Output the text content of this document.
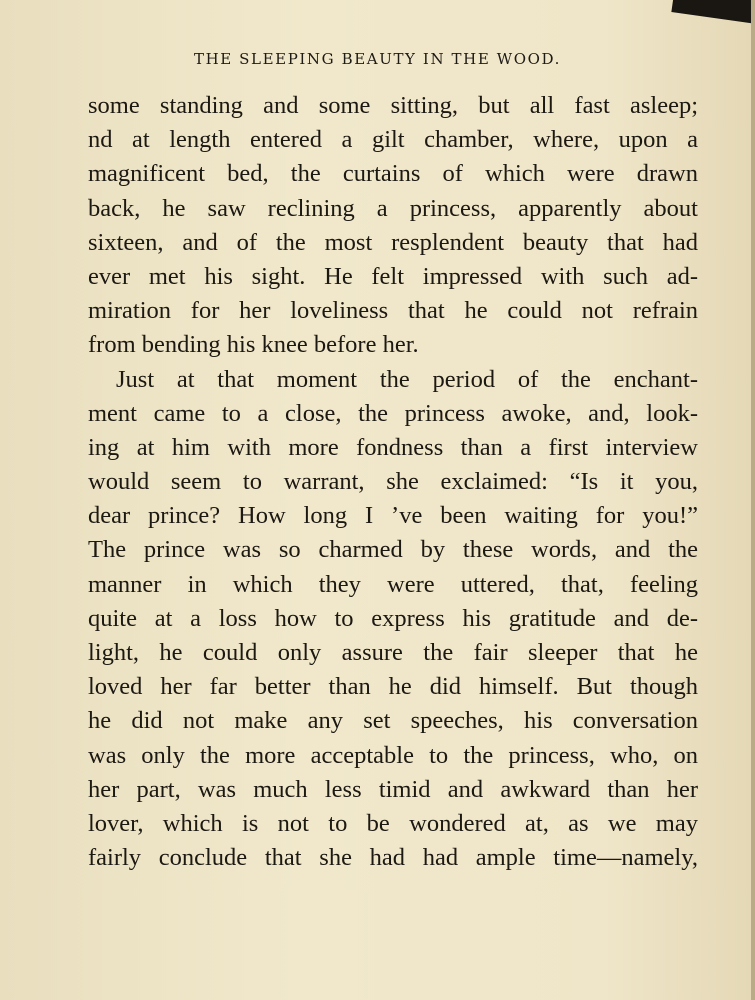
THE SLEEPING BEAUTY IN THE WOOD.
some standing and some sitting, but all fast asleep;
nd at length entered a gilt chamber, where, upon a
magnificent bed, the curtains of which were drawn
back, he saw reclining a princess, apparently about
sixteen, and of the most resplendent beauty that had
ever met his sight. He felt impressed with such ad-
miration for her loveliness that he could not refrain
from bending his knee before her.
Just at that moment the period of the enchant-
ment came to a close, the princess awoke, and, look-
ing at him with more fondness than a first interview
would seem to warrant, she exclaimed: “Is it you,
dear prince? How long I ’ve been waiting for you!”
The prince was so charmed by these words, and the
manner in which they were uttered, that, feeling
quite at a loss how to express his gratitude and de-
light, he could only assure the fair sleeper that he
loved her far better than he did himself. But though
he did not make any set speeches, his conversation
was only the more acceptable to the princess, who, on
her part, was much less timid and awkward than her
lover, which is not to be wondered at, as we may
fairly conclude that she had had ample time—namely,
